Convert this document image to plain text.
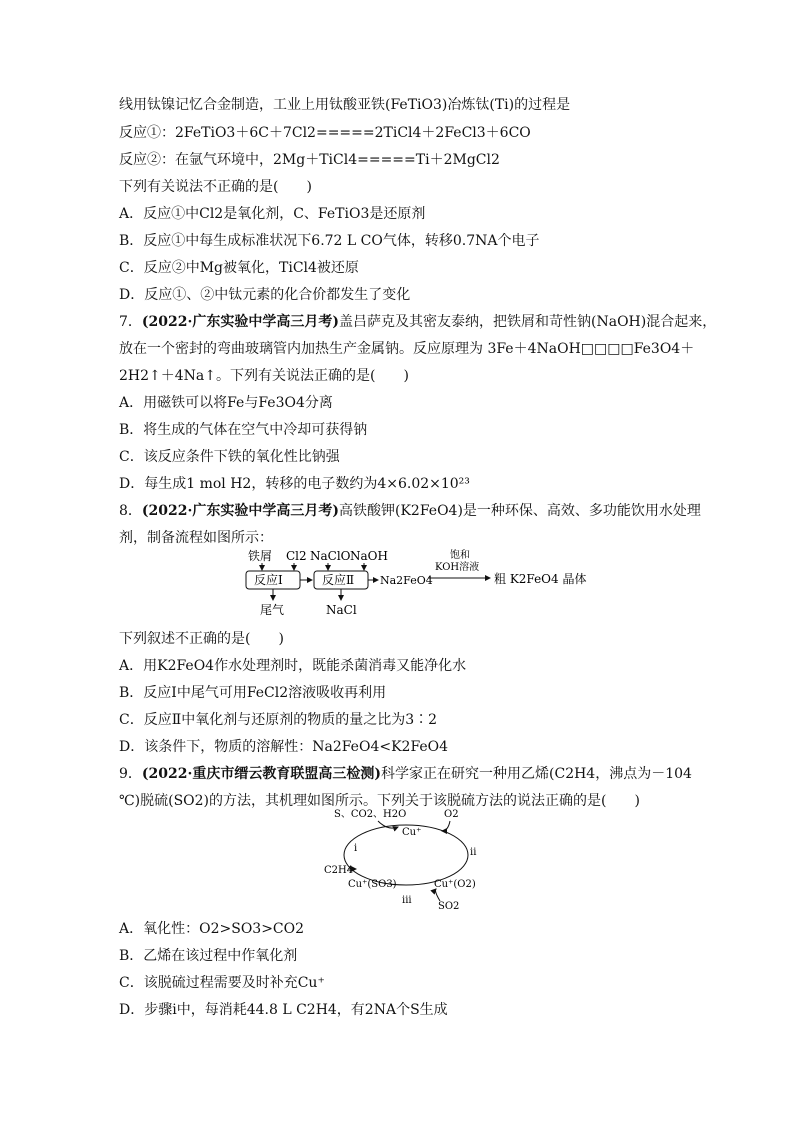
线用钛镍记忆合金制造，工业上用钛酸亚铁(FeTiO3)冶炼钛(Ti)的过程是
反应①：2FeTiO3＋6C＋7Cl2=====2TiCl4＋2FeCl3＋6CO
反应②：在氩气环境中，2Mg＋TiCl4=====Ti＋2MgCl2
下列有关说法不正确的是(　　)
A．反应①中Cl2是氧化剂，C、FeTiO3是还原剂
B．反应①中每生成标准状况下6.72 L CO气体，转移0.7NA个电子
C．反应②中Mg被氧化，TiCl4被还原
D．反应①、②中钛元素的化合价都发生了变化
7．(2022·广东实验中学高三月考)盖吕萨克及其密友泰纳，把铁屑和苛性钠(NaOH)混合起来，
放在一个密封的弯曲玻璃管内加热生产金属钠。反应原理为 3Fe＋4NaOH□□□□Fe3O4＋
2H2↑＋4Na↑。下列有关说法正确的是(　　)
A．用磁铁可以将Fe与Fe3O4分离
B．将生成的气体在空气中冷却可获得钠
C．该反应条件下铁的氧化性比钠强
D．每生成1 mol H2，转移的电子数约为4×6.02×10²³
8．(2022·广东实验中学高三月考)高铁酸钾(K2FeO4)是一种环保、高效、多功能饮用水处理
剂，制备流程如图所示：
铁屑 Cl2 NaClO NaOH
反应Ⅰ	反应Ⅱ Na2FeO4
饱和
KOH溶液
粗 K2FeO4 晶体
尾气	NaCl
下列叙述不正确的是(　　)
A．用K2FeO4作水处理剂时，既能杀菌消毒又能净化水
B．反应Ⅰ中尾气可用FeCl2溶液吸收再利用
C．反应Ⅱ中氧化剂与还原剂的物质的量之比为3∶2
D．该条件下，物质的溶解性：Na2FeO4<K2FeO4
9．(2022·重庆市缙云教育联盟高三检测)科学家正在研究一种用乙烯(C2H4，沸点为－104
℃)脱硫(SO2)的方法，其机理如图所示。下列关于该脱硫方法的说法正确的是(　　)
S、CO2、H2O	O2
Cu⁺
i	ii
C2H4
Cu⁺(SO3)	Cu⁺(O2)
iii
SO2
A．氧化性：O2>SO3>CO2
B．乙烯在该过程中作氧化剂
C．该脱硫过程需要及时补充Cu⁺
D．步骤ⅰ中，每消耗44.8 L C2H4，有2NA个S生成
